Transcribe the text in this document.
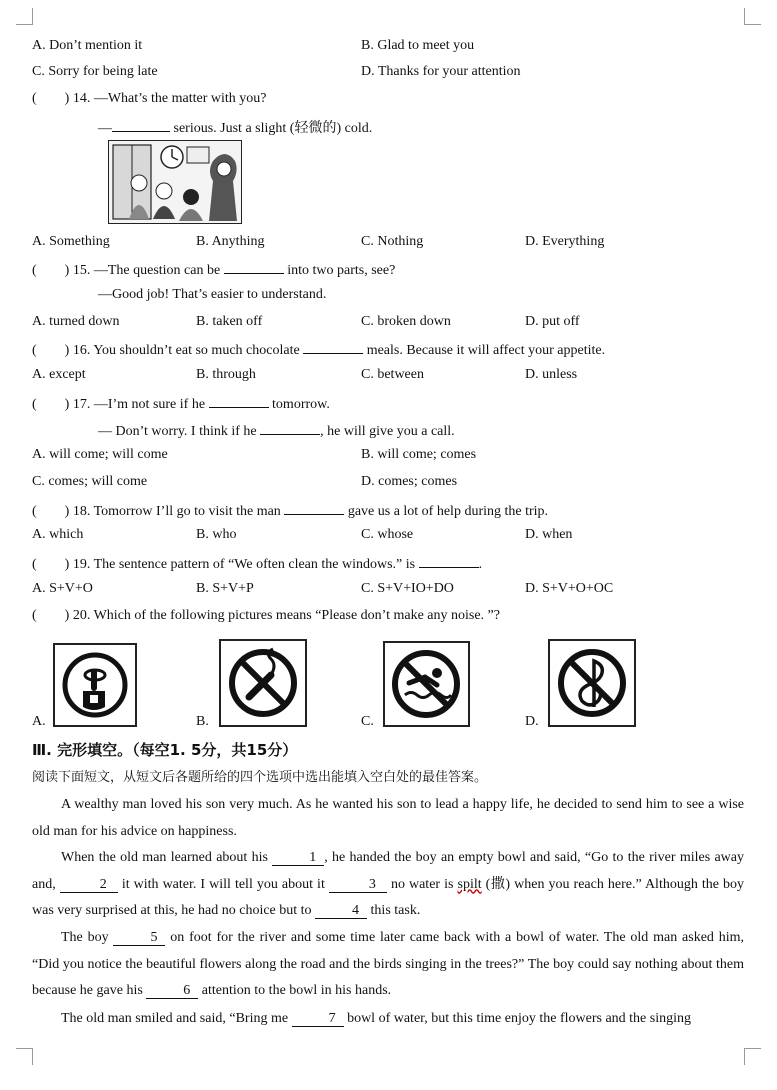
A. Don’t mention it	B. Glad to meet you
C. Sorry for being late	D. Thanks for your attention
( ) 14. —What’s the matter with you?
—	serious. Just a slight (轻微的) cold.
A. Something	B. Anything	C. Nothing	D. Everything
( ) 15. —The question can be	into two parts, see?
—Good job! That’s easier to understand.
A. turned down	B. taken off	C. broken down	D. put off
( ) 16. You shouldn’t eat so much chocolate	meals. Because it will affect your appetite.
A. except	B. through	C. between	D. unless
( ) 17. —I’m not sure if he	tomorrow.
— Don’t worry. I think if he	, he will give you a call.
A. will come; will come	B. will come; comes
C. comes; will come	D. comes; comes
( ) 18. Tomorrow I’ll go to visit the man	gave us a lot of help during the trip.
A. which	B. who	C. whose	D. when
( ) 19. The sentence pattern of “We often clean the windows.” is	.
A. S+V+O	B. S+V+P	C. S+V+IO+DO	D. S+V+O+OC
( ) 20. Which of the following pictures means “Please don’t make any noise. ”?
A.	B.	C.	D.
Ⅲ. 完形填空。（每空1. 5分，共15分）
阅读下面短文，从短文后各题所给的四个选项中选出能填入空白处的最佳答案。
A wealthy man loved his son very much. As he wanted his son to lead a happy life, he decided to send him to see a wise old man for his advice on happiness.
When the old man learned about his	1 , he handed the boy an empty bowl and said, “Go to the river miles away and,	2 it with water. I will tell you about it	3 no water is spilt (撒) when you reach here.” Although the boy was very surprised at this, he had no choice but to	4 this task.
The boy	5 on foot for the river and some time later came back with a bowl of water. The old man asked him, “Did you notice the beautiful flowers along the road and the birds singing in the trees?” The boy could say nothing about them because he gave his	6 attention to the bowl in his hands.
The old man smiled and said, “Bring me	7 bowl of water, but this time enjoy the flowers and the singing
